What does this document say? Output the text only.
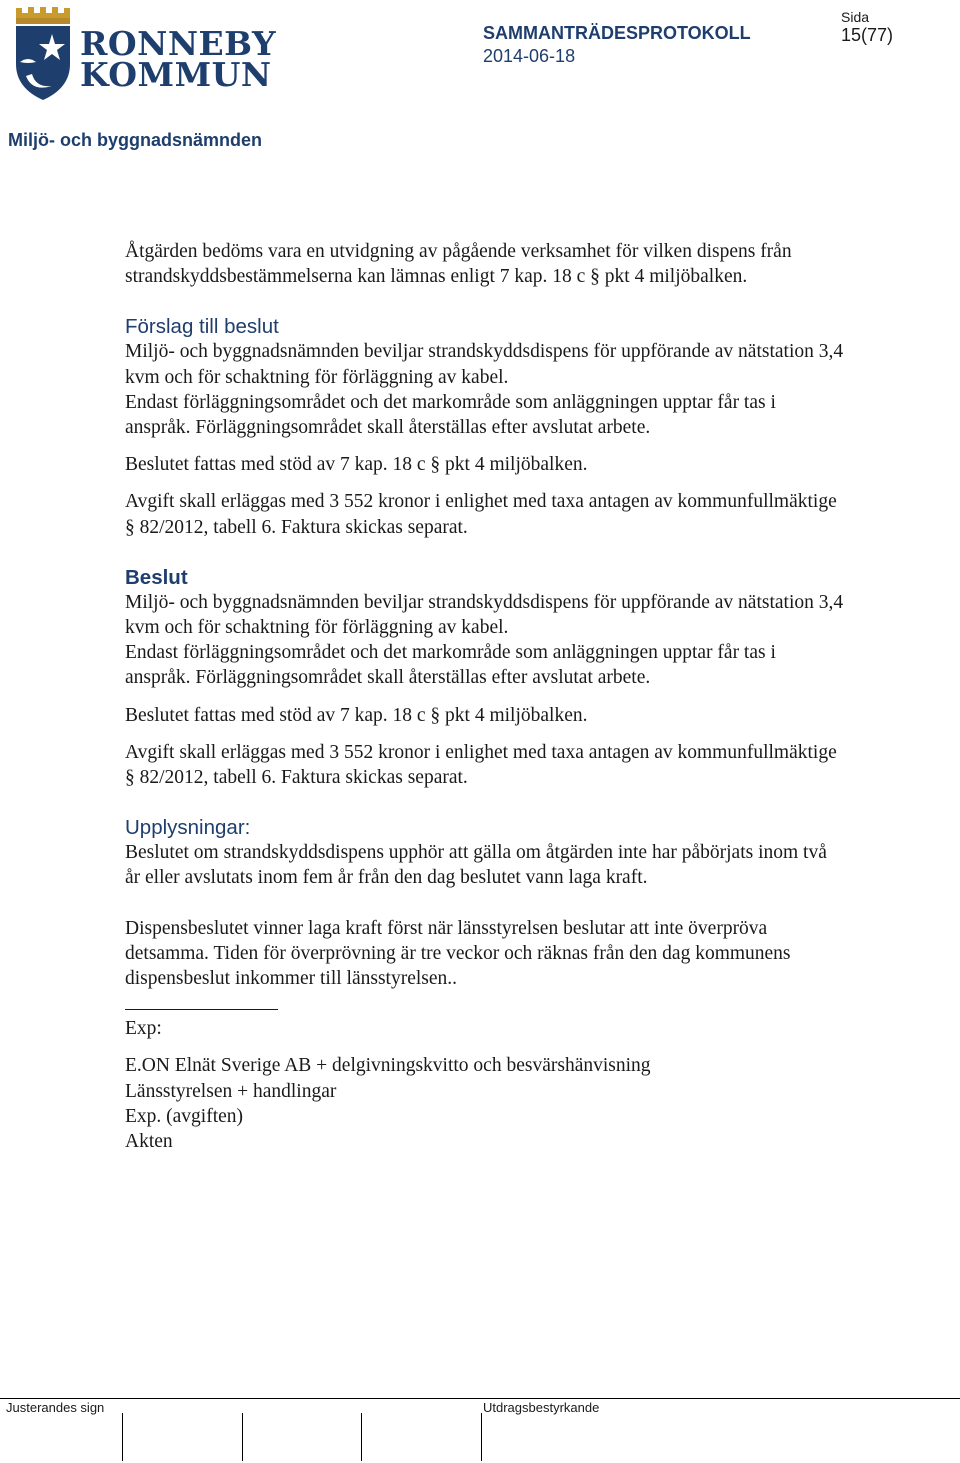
RONNEBY
KOMMUN
SAMMANTRÄDESPROTOKOLL
2014-06-18
Sida
15(77)
Miljö- och byggnadsnämnden

Åtgärden bedöms vara en utvidgning av pågående verksamhet för vilken dispens från strandskyddsbestämmelserna kan lämnas enligt 7 kap. 18 c § pkt 4 miljöbalken.

Förslag till beslut

Miljö- och byggnadsnämnden beviljar strandskyddsdispens för uppförande av nätstation 3,4 kvm och för schaktning för förläggning av kabel.

Endast förläggningsområdet och det markområde som anläggningen upptar får tas i anspråk. Förläggningsområdet skall återställas efter avslutat arbete.

Beslutet fattas med stöd av 7 kap. 18 c § pkt 4 miljöbalken.

Avgift skall erläggas med 3 552 kronor i enlighet med taxa antagen av kommunfullmäktige § 82/2012, tabell 6. Faktura skickas separat.

Beslut

Miljö- och byggnadsnämnden beviljar strandskyddsdispens för uppförande av nätstation 3,4 kvm och för schaktning för förläggning av kabel.

Endast förläggningsområdet och det markområde som anläggningen upptar får tas i anspråk. Förläggningsområdet skall återställas efter avslutat arbete.

Beslutet fattas med stöd av 7 kap. 18 c § pkt 4 miljöbalken.

Avgift skall erläggas med 3 552 kronor i enlighet med taxa antagen av kommunfullmäktige § 82/2012, tabell 6. Faktura skickas separat.

Upplysningar:

Beslutet om strandskyddsdispens upphör att gälla om åtgärden inte har påbörjats inom två år eller avslutats inom fem år från den dag beslutet vann laga kraft.

Dispensbeslutet vinner laga kraft först när länsstyrelsen beslutar att inte överpröva detsamma. Tiden för överprövning är tre veckor och räknas från den dag kommunens dispensbeslut inkommer till länsstyrelsen..

Exp:

E.ON Elnät Sverige AB + delgivningskvitto och besvärshänvisning

Länsstyrelsen + handlingar

Exp. (avgiften)

Akten

Justerandes sign	Utdragsbestyrkande
